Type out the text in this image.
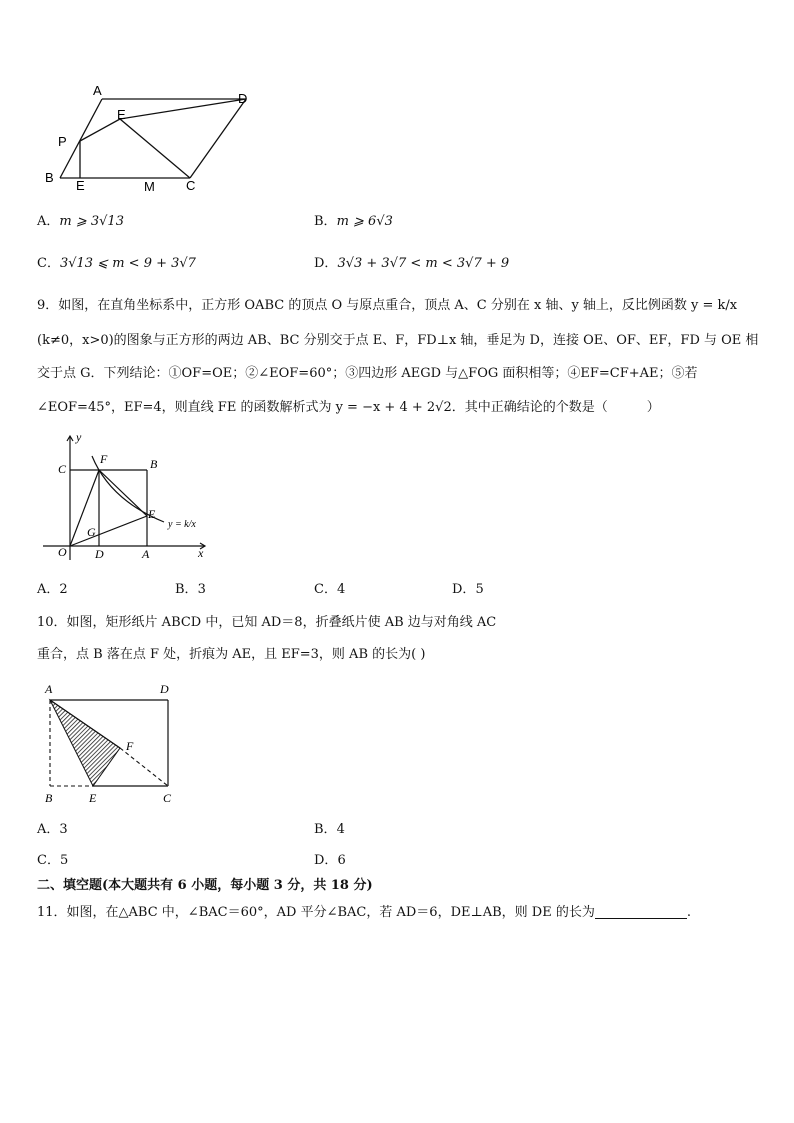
A
D
E
P
B
E	M C
A．m ⩾ 3√13	B．m ⩾ 6√3
C．3√13 ⩽ m < 9 + 3√7	D．3√3 + 3√7 < m < 3√7 + 9
9．如图，在直角坐标系中，正方形 OABC 的顶点 O 与原点重合，顶点 A、C 分别在 x 轴、y 轴上，反比例函数 y = k/x
(k≠0，x>0)的图象与正方形的两边 AB、BC 分别交于点 E、F，FD⊥x 轴，垂足为 D，连接 OE、OF、EF，FD 与 OE 相
交于点 G．下列结论：①OF=OE；②∠EOF=60°；③四边形 AEGD 与△FOG 面积相等；④EF=CF+AE；⑤若
∠EOF=45°，EF=4，则直线 FE 的函数解析式为 y = −x + 4 + 2√2．其中正确结论的个数是（　　　）
y
x
C
F	B
E
G
O D	A
y = k/x
A．2	B．3	C．4	D．5
10．如图，矩形纸片 ABCD 中，已知 AD＝8，折叠纸片使 AB 边与对角线 AC
重合，点 B 落在点 F 处，折痕为 AE，且 EF=3，则 AB 的长为( )
A	D
F
B	E	C
A．3	B．4
C．5	D．6
二、填空题(本大题共有 6 小题，每小题 3 分，共 18 分)
11．如图，在△ABC 中，∠BAC＝60°，AD 平分∠BAC，若 AD＝6，DE⊥AB，则 DE 的长为	.
